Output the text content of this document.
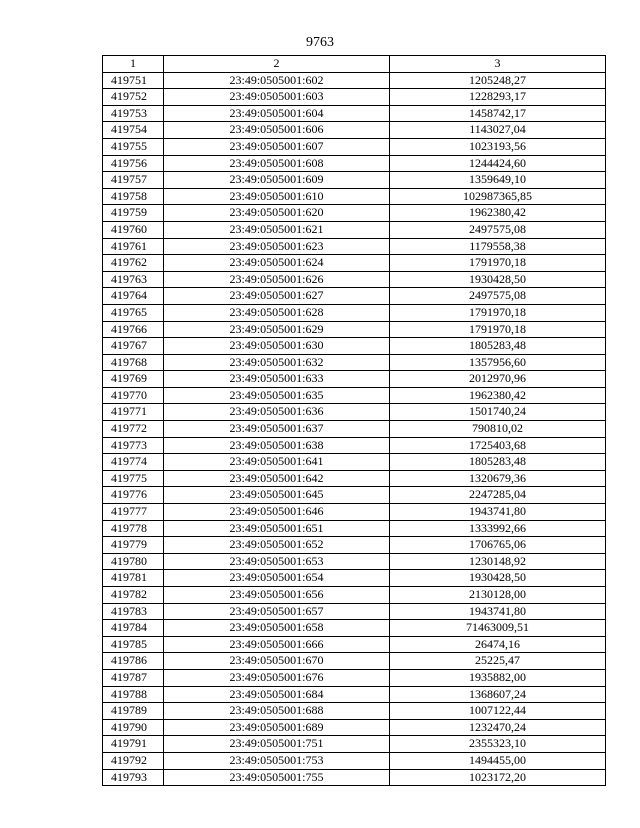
9763
1	2	3
419751	23:49:0505001:602	1205248,27
419752	23:49:0505001:603	1228293,17
419753	23:49:0505001:604	1458742,17
419754	23:49:0505001:606	1143027,04
419755	23:49:0505001:607	1023193,56
419756	23:49:0505001:608	1244424,60
419757	23:49:0505001:609	1359649,10
419758	23:49:0505001:610	102987365,85
419759	23:49:0505001:620	1962380,42
419760	23:49:0505001:621	2497575,08
419761	23:49:0505001:623	1179558,38
419762	23:49:0505001:624	1791970,18
419763	23:49:0505001:626	1930428,50
419764	23:49:0505001:627	2497575,08
419765	23:49:0505001:628	1791970,18
419766	23:49:0505001:629	1791970,18
419767	23:49:0505001:630	1805283,48
419768	23:49:0505001:632	1357956,60
419769	23:49:0505001:633	2012970,96
419770	23:49:0505001:635	1962380,42
419771	23:49:0505001:636	1501740,24
419772	23:49:0505001:637	790810,02
419773	23:49:0505001:638	1725403,68
419774	23:49:0505001:641	1805283,48
419775	23:49:0505001:642	1320679,36
419776	23:49:0505001:645	2247285,04
419777	23:49:0505001:646	1943741,80
419778	23:49:0505001:651	1333992,66
419779	23:49:0505001:652	1706765,06
419780	23:49:0505001:653	1230148,92
419781	23:49:0505001:654	1930428,50
419782	23:49:0505001:656	2130128,00
419783	23:49:0505001:657	1943741,80
419784	23:49:0505001:658	71463009,51
419785	23:49:0505001:666	26474,16
419786	23:49:0505001:670	25225,47
419787	23:49:0505001:676	1935882,00
419788	23:49:0505001:684	1368607,24
419789	23:49:0505001:688	1007122,44
419790	23:49:0505001:689	1232470,24
419791	23:49:0505001:751	2355323,10
419792	23:49:0505001:753	1494455,00
419793	23:49:0505001:755	1023172,20
